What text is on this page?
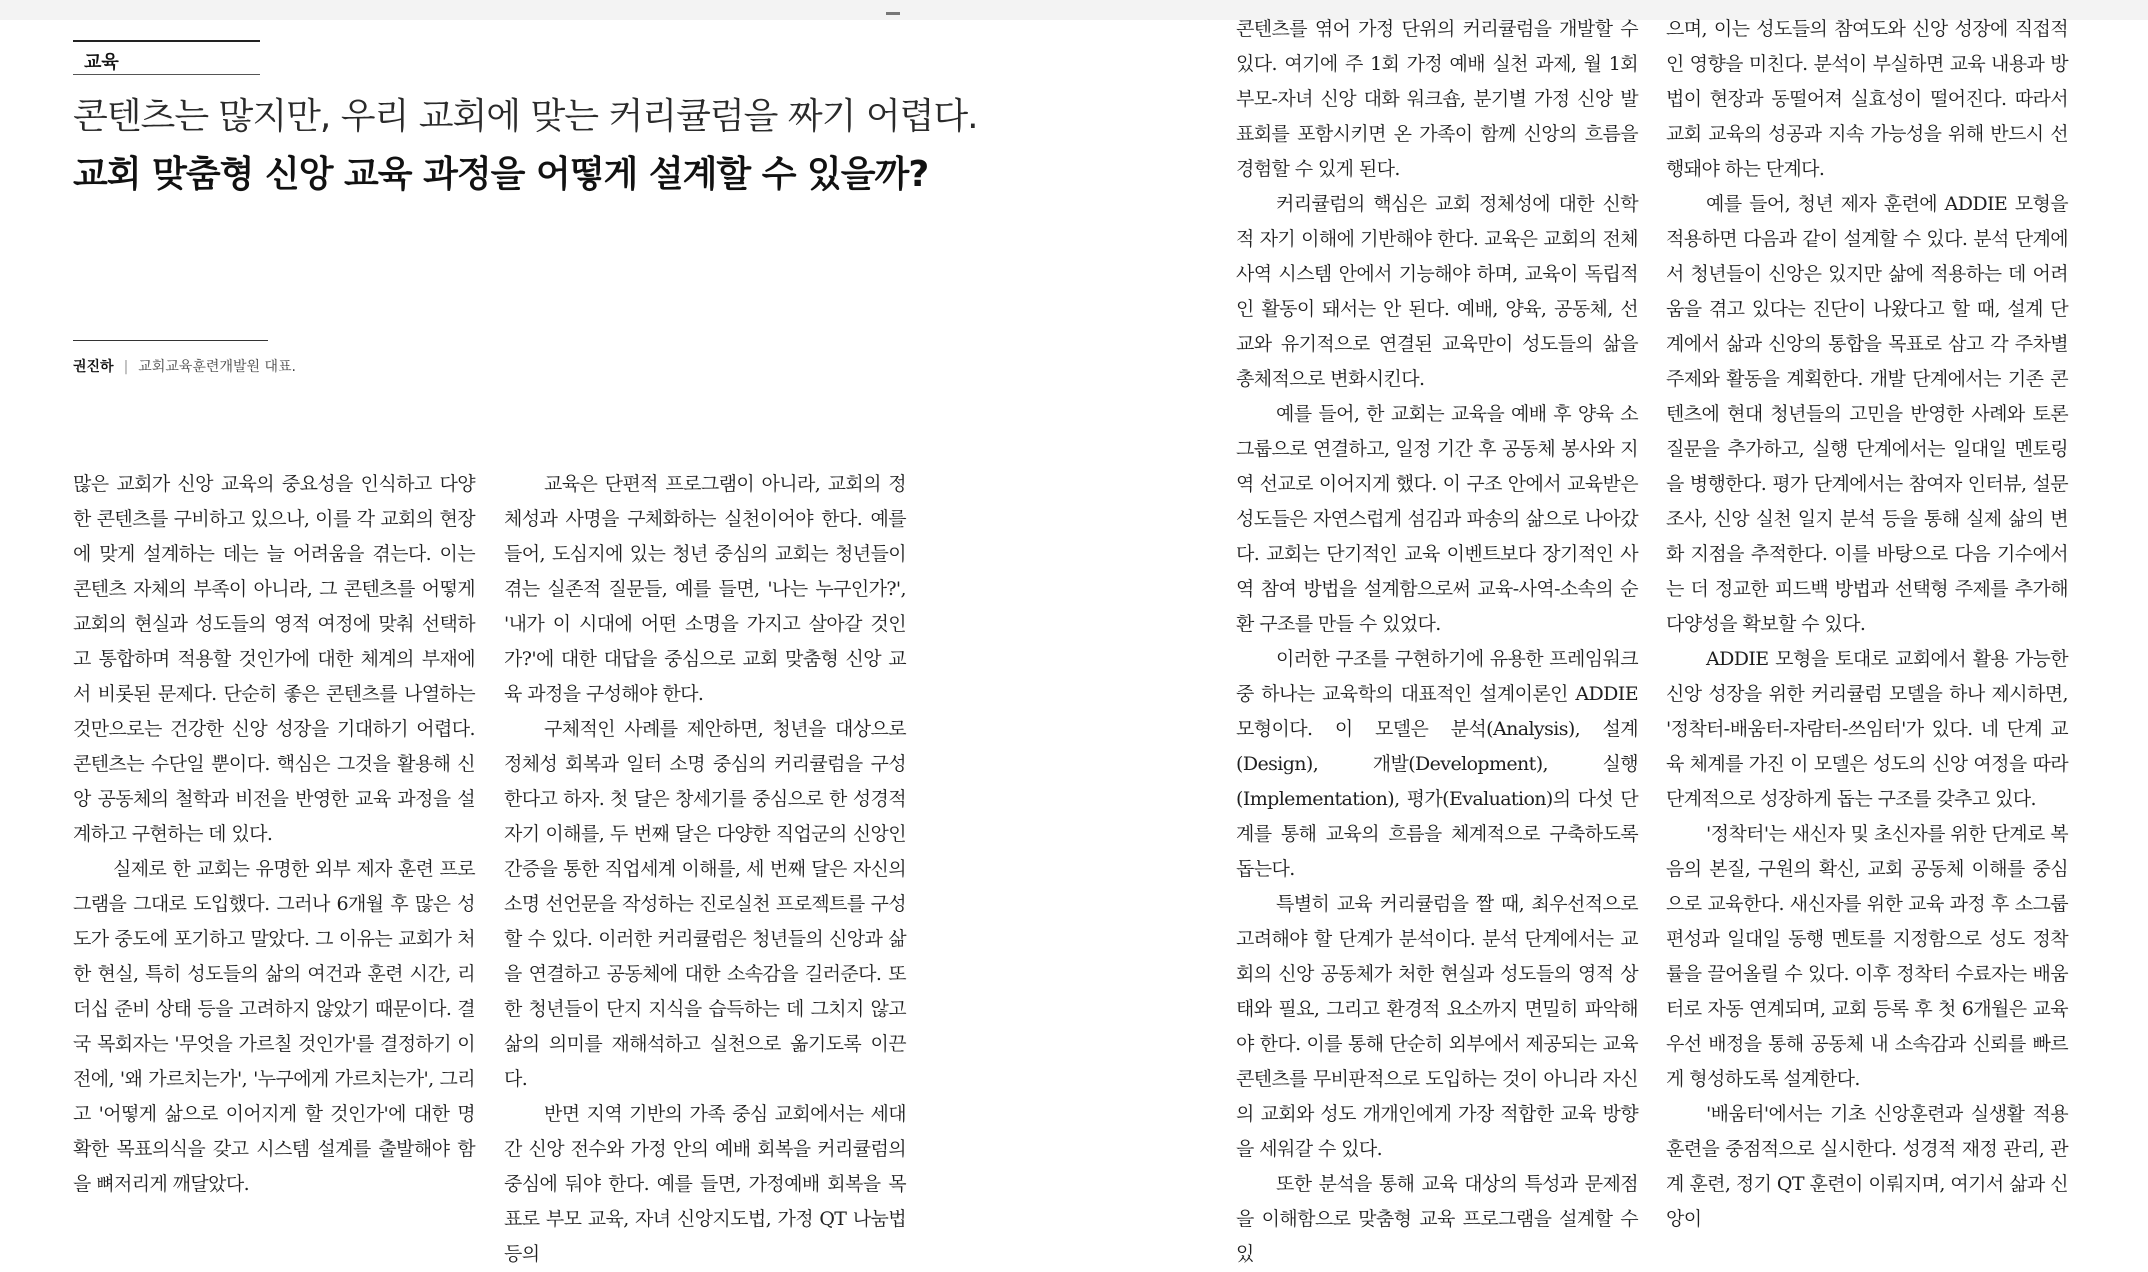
교육
콘텐츠는 많지만, 우리 교회에 맞는 커리큘럼을 짜기 어렵다.
교회 맞춤형 신앙 교육 과정을 어떻게 설계할 수 있을까?
권진하 | 교회교육훈련개발원 대표.

많은 교회가 신앙 교육의 중요성을 인식하고 다양한 콘텐츠를 구비하고 있으나, 이를 각 교회의 현장에 맞게 설계하는 데는 늘 어려움을 겪는다. 이는 콘텐츠 자체의 부족이 아니라, 그 콘텐츠를 어떻게 교회의 현실과 성도들의 영적 여정에 맞춰 선택하고 통합하며 적용할 것인가에 대한 체계의 부재에서 비롯된 문제다. 단순히 좋은 콘텐츠를 나열하는 것만으로는 건강한 신앙 성장을 기대하기 어렵다. 콘텐츠는 수단일 뿐이다. 핵심은 그것을 활용해 신앙 공동체의 철학과 비전을 반영한 교육 과정을 설계하고 구현하는 데 있다.

실제로 한 교회는 유명한 외부 제자 훈련 프로그램을 그대로 도입했다. 그러나 6개월 후 많은 성도가 중도에 포기하고 말았다. 그 이유는 교회가 처한 현실, 특히 성도들의 삶의 여건과 훈련 시간, 리더십 준비 상태 등을 고려하지 않았기 때문이다. 결국 목회자는 '무엇을 가르칠 것인가'를 결정하기 이전에, '왜 가르치는가', '누구에게 가르치는가', 그리고 '어떻게 삶으로 이어지게 할 것인가'에 대한 명확한 목표의식을 갖고 시스템 설계를 출발해야 함을 뼈저리게 깨달았다.

교육은 단편적 프로그램이 아니라, 교회의 정체성과 사명을 구체화하는 실천이어야 한다. 예를 들어, 도심지에 있는 청년 중심의 교회는 청년들이 겪는 실존적 질문들, 예를 들면, '나는 누구인가?', '내가 이 시대에 어떤 소명을 가지고 살아갈 것인가?'에 대한 대답을 중심으로 교회 맞춤형 신앙 교육 과정을 구성해야 한다.

구체적인 사례를 제안하면, 청년을 대상으로 정체성 회복과 일터 소명 중심의 커리큘럼을 구성한다고 하자. 첫 달은 창세기를 중심으로 한 성경적 자기 이해를, 두 번째 달은 다양한 직업군의 신앙인 간증을 통한 직업세계 이해를, 세 번째 달은 자신의 소명 선언문을 작성하는 진로실천 프로젝트를 구성할 수 있다. 이러한 커리큘럼은 청년들의 신앙과 삶을 연결하고 공동체에 대한 소속감을 길러준다. 또한 청년들이 단지 지식을 습득하는 데 그치지 않고 삶의 의미를 재해석하고 실천으로 옮기도록 이끈다.

반면 지역 기반의 가족 중심 교회에서는 세대 간 신앙 전수와 가정 안의 예배 회복을 커리큘럼의 중심에 둬야 한다. 예를 들면, 가정예배 회복을 목표로 부모 교육, 자녀 신앙지도법, 가정 QT 나눔법 등의

콘텐츠를 엮어 가정 단위의 커리큘럼을 개발할 수 있다. 여기에 주 1회 가정 예배 실천 과제, 월 1회 부모-자녀 신앙 대화 워크숍, 분기별 가정 신앙 발표회를 포함시키면 온 가족이 함께 신앙의 흐름을 경험할 수 있게 된다.

커리큘럼의 핵심은 교회 정체성에 대한 신학적 자기 이해에 기반해야 한다. 교육은 교회의 전체 사역 시스템 안에서 기능해야 하며, 교육이 독립적인 활동이 돼서는 안 된다. 예배, 양육, 공동체, 선교와 유기적으로 연결된 교육만이 성도들의 삶을 총체적으로 변화시킨다.

예를 들어, 한 교회는 교육을 예배 후 양육 소그룹으로 연결하고, 일정 기간 후 공동체 봉사와 지역 선교로 이어지게 했다. 이 구조 안에서 교육받은 성도들은 자연스럽게 섬김과 파송의 삶으로 나아갔다. 교회는 단기적인 교육 이벤트보다 장기적인 사역 참여 방법을 설계함으로써 교육-사역-소속의 순환 구조를 만들 수 있었다.

이러한 구조를 구현하기에 유용한 프레임워크 중 하나는 교육학의 대표적인 설계이론인 ADDIE 모형이다. 이 모델은 분석(Analysis), 설계(Design), 개발(Development), 실행(Implementation), 평가(Evaluation)의 다섯 단계를 통해 교육의 흐름을 체계적으로 구축하도록 돕는다.

특별히 교육 커리큘럼을 짤 때, 최우선적으로 고려해야 할 단계가 분석이다. 분석 단계에서는 교회의 신앙 공동체가 처한 현실과 성도들의 영적 상태와 필요, 그리고 환경적 요소까지 면밀히 파악해야 한다. 이를 통해 단순히 외부에서 제공되는 교육 콘텐츠를 무비판적으로 도입하는 것이 아니라 자신의 교회와 성도 개개인에게 가장 적합한 교육 방향을 세워갈 수 있다.

또한 분석을 통해 교육 대상의 특성과 문제점을 이해함으로 맞춤형 교육 프로그램을 설계할 수 있

으며, 이는 성도들의 참여도와 신앙 성장에 직접적인 영향을 미친다. 분석이 부실하면 교육 내용과 방법이 현장과 동떨어져 실효성이 떨어진다. 따라서 교회 교육의 성공과 지속 가능성을 위해 반드시 선행돼야 하는 단계다.

예를 들어, 청년 제자 훈련에 ADDIE 모형을 적용하면 다음과 같이 설계할 수 있다. 분석 단계에서 청년들이 신앙은 있지만 삶에 적용하는 데 어려움을 겪고 있다는 진단이 나왔다고 할 때, 설계 단계에서 삶과 신앙의 통합을 목표로 삼고 각 주차별 주제와 활동을 계획한다. 개발 단계에서는 기존 콘텐츠에 현대 청년들의 고민을 반영한 사례와 토론 질문을 추가하고, 실행 단계에서는 일대일 멘토링을 병행한다. 평가 단계에서는 참여자 인터뷰, 설문조사, 신앙 실천 일지 분석 등을 통해 실제 삶의 변화 지점을 추적한다. 이를 바탕으로 다음 기수에서는 더 정교한 피드백 방법과 선택형 주제를 추가해 다양성을 확보할 수 있다.

ADDIE 모형을 토대로 교회에서 활용 가능한 신앙 성장을 위한 커리큘럼 모델을 하나 제시하면, '정착터-배움터-자람터-쓰임터'가 있다. 네 단계 교육 체계를 가진 이 모델은 성도의 신앙 여정을 따라 단계적으로 성장하게 돕는 구조를 갖추고 있다.

'정착터'는 새신자 및 초신자를 위한 단계로 복음의 본질, 구원의 확신, 교회 공동체 이해를 중심으로 교육한다. 새신자를 위한 교육 과정 후 소그룹 편성과 일대일 동행 멘토를 지정함으로 성도 정착률을 끌어올릴 수 있다. 이후 정착터 수료자는 배움터로 자동 연계되며, 교회 등록 후 첫 6개월은 교육 우선 배정을 통해 공동체 내 소속감과 신뢰를 빠르게 형성하도록 설계한다.

'배움터'에서는 기초 신앙훈련과 실생활 적용 훈련을 중점적으로 실시한다. 성경적 재정 관리, 관계 훈련, 정기 QT 훈련이 이뤄지며, 여기서 삶과 신앙이
